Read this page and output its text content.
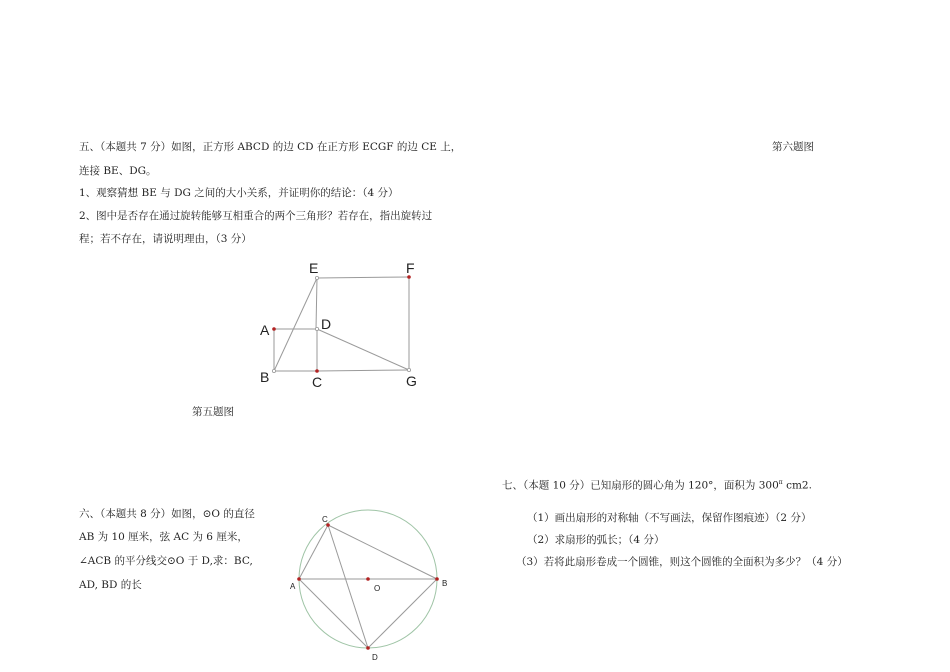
五、（本题共 7 分）如图，正方形 ABCD 的边 CD 在正方形 ECGF 的边 CE 上，
连接 BE、DG。
1、观察猜想 BE 与 DG 之间的大小关系，并证明你的结论：（4 分）
2、图中是否存在通过旋转能够互相重合的两个三角形？若存在，指出旋转过
程；若不存在，请说明理由，（3 分）
第六题图
E	F
A	D
B	C	G
第五题图
六、（本题共 8 分）如图，⊙O 的直径
AB 为 10 厘米，弦 AC 为 6 厘米，
∠ACB 的平分线交⊙O 于 D,求：BC,
AD, BD 的长
C
A	O
B
D
七、（本题 10 分）已知扇形的圆心角为 120°，面积为 $300^\pi$ cm2.
（1）画出扇形的对称轴（不写画法，保留作图痕迹）（2 分）
（2）求扇形的弧长；（4 分）
（3）若将此扇形卷成一个圆锥，则这个圆锥的全面积为多少？（4 分）
